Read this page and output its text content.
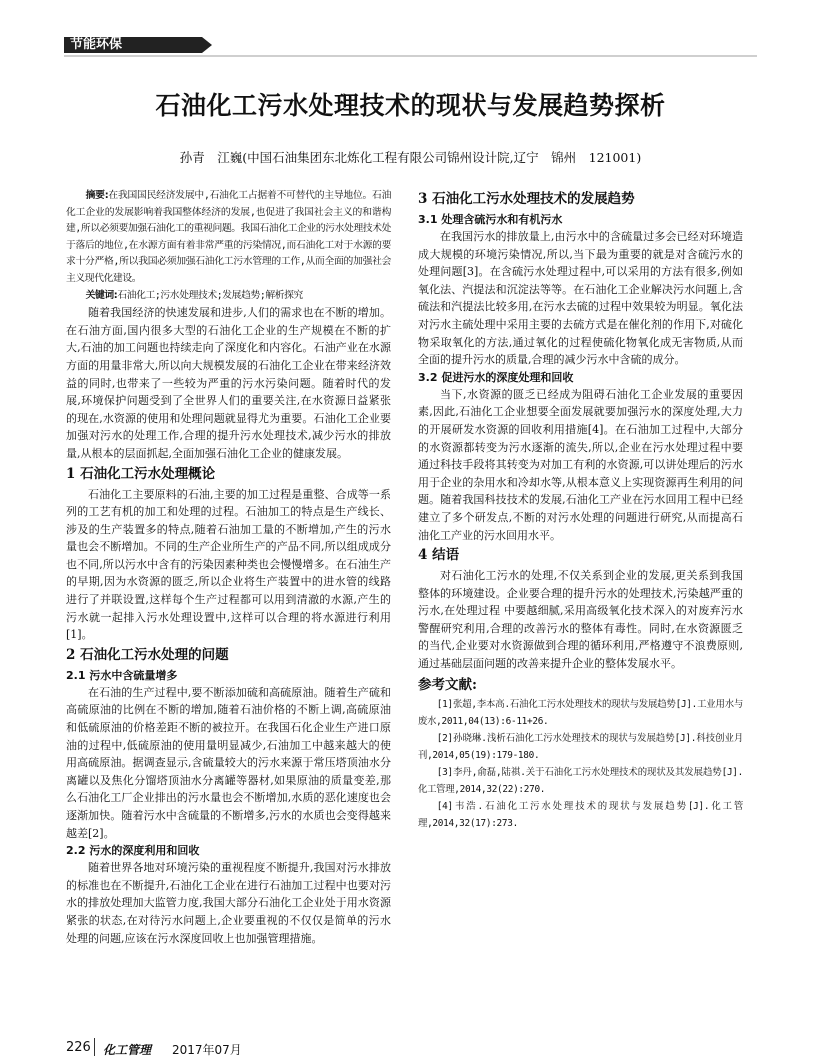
节能环保
石油化工污水处理技术的现状与发展趋势探析
孙青　江巍(中国石油集团东北炼化工程有限公司锦州设计院,辽宁　锦州　121001)

摘要:在我国国民经济发展中,石油化工占据着不可替代的主导地位。石油化工企业的发展影响着我国整体经济的发展,也促进了我国社会主义的和谐构建,所以必须要加强石油化工的重视问题。我国石油化工企业的污水处理技术处于落后的地位,在水源方面有着非常严重的污染情况,而石油化工对于水源的要求十分严格,所以我国必须加强石油化工污水管理的工作,从而全面的加强社会主义现代化建设。

关键词:石油化工;污水处理技术;发展趋势;解析探究

随着我国经济的快速发展和进步,人们的需求也在不断的增加。在石油方面,国内很多大型的石油化工企业的生产规模在不断的扩大,石油的加工问题也持续走向了深度化和内容化。石油产业在水源方面的用量非常大,所以向大规模发展的石油化工企业在带来经济效益的同时,也带来了一些较为严重的污水污染问题。随着时代的发展,环境保护问题受到了全世界人们的重要关注,在水资源日益紧张的现在,水资源的使用和处理问题就显得尤为重要。石油化工企业要加强对污水的处理工作,合理的提升污水处理技术,减少污水的排放量,从根本的层面抓起,全面加强石油化工企业的健康发展。

1 石油化工污水处理概论

石油化工主要原料的石油,主要的加工过程是重整、合成等一系列的工艺有机的加工和处理的过程。石油加工的特点是生产线长、涉及的生产装置多的特点,随着石油加工量的不断增加,产生的污水量也会不断增加。不同的生产企业所生产的产品不同,所以组成成分也不同,所以污水中含有的污染因素种类也会慢慢增多。在石油生产的早期,因为水资源的匮乏,所以企业将生产装置中的进水管的线路进行了并联设置,这样每个生产过程都可以用到清澈的水源,产生的污水就一起排入污水处理设置中,这样可以合理的将水源进行利用[1]。

2 石油化工污水处理的问题
2.1 污水中含硫量增多

在石油的生产过程中,要不断添加硫和高硫原油。随着生产硫和高硫原油的比例在不断的增加,随着石油价格的不断上调,高硫原油和低硫原油的价格差距不断的被拉开。在我国石化企业生产进口原油的过程中,低硫原油的使用量明显减少,石油加工中越来越大的使用高硫原油。据调查显示,含硫量较大的污水来源于常压塔顶油水分离罐以及焦化分馏塔顶油水分离罐等器材,如果原油的质量变差,那么石油化工厂企业排出的污水量也会不断增加,水质的恶化速度也会逐渐加快。随着污水中含硫量的不断增多,污水的水质也会变得越来越差[2]。

2.2 污水的深度利用和回收

随着世界各地对环境污染的重视程度不断提升,我国对污水排放的标准也在不断提升,石油化工企业在进行石油加工过程中也要对污水的排放处理加大监管力度,我国大部分石油化工企业处于用水资源紧张的状态,在对待污水问题上,企业要重视的不仅仅是简单的污水处理的问题,应该在污水深度回收上也加强管理措施。

3 石油化工污水处理技术的发展趋势
3.1 处理含硫污水和有机污水

在我国污水的排放量上,由污水中的含硫量过多会已经对环境造成大规模的环境污染情况,所以,当下最为重要的就是对含硫污水的处理问题[3]。在含硫污水处理过程中,可以采用的方法有很多,例如氧化法、汽提法和沉淀法等等。在石油化工企业解决污水问题上,含硫法和汽提法比较多用,在污水去硫的过程中效果较为明显。氧化法对污水主硫处理中采用主要的去硫方式是在催化剂的作用下,对硫化物采取氧化的方法,通过氧化的过程使硫化物氧化成无害物质,从而全面的提升污水的质量,合理的减少污水中含硫的成分。

3.2 促进污水的深度处理和回收

当下,水资源的匮乏已经成为阻碍石油化工企业发展的重要因素,因此,石油化工企业想要全面发展就要加强污水的深度处理,大力的开展研发水资源的回收利用措施[4]。在石油加工过程中,大部分的水资源都转变为污水逐渐的流失,所以,企业在污水处理过程中要通过科技手段将其转变为对加工有利的水资源,可以讲处理后的污水用于企业的杂用水和冷却水等,从根本意义上实现资源再生利用的问题。随着我国科技技术的发展,石油化工产业在污水回用工程中已经建立了多个研发点,不断的对污水处理的问题进行研究,从而提高石油化工产业的污水回用水平。

4 结语

对石油化工污水的处理,不仅关系到企业的发展,更关系到我国整体的环境建设。企业要合理的提升污水的处理技术,污染越严重的污水,在处理过程 中要越细腻,采用高级氧化技术深入的对废弃污水警醒研究利用,合理的改善污水的整体有毒性。同时,在水资源匮乏的当代,企业要对水资源做到合理的循环利用,严格遵守不浪费原则,通过基础层面问题的改善来提升企业的整体发展水平。

参考文献:

[1]张超,李本高.石油化工污水处理技术的现状与发展趋势[J].工业用水与废水,2011,04(13):6-11+26.

[2]孙晓琳.浅析石油化工污水处理技术的现状与发展趋势[J].科技创业月刊,2014,05(19):179-180.

[3]李丹,俞磊,陆祺.关于石油化工污水处理技术的现状及其发展趋势[J].化工管理,2014,32(22):270.

[4]韦浩.石油化工污水处理技术的现状与发展趋势[J].化工管理,2014,32(17):273.

226 化工管理 2017年07月
